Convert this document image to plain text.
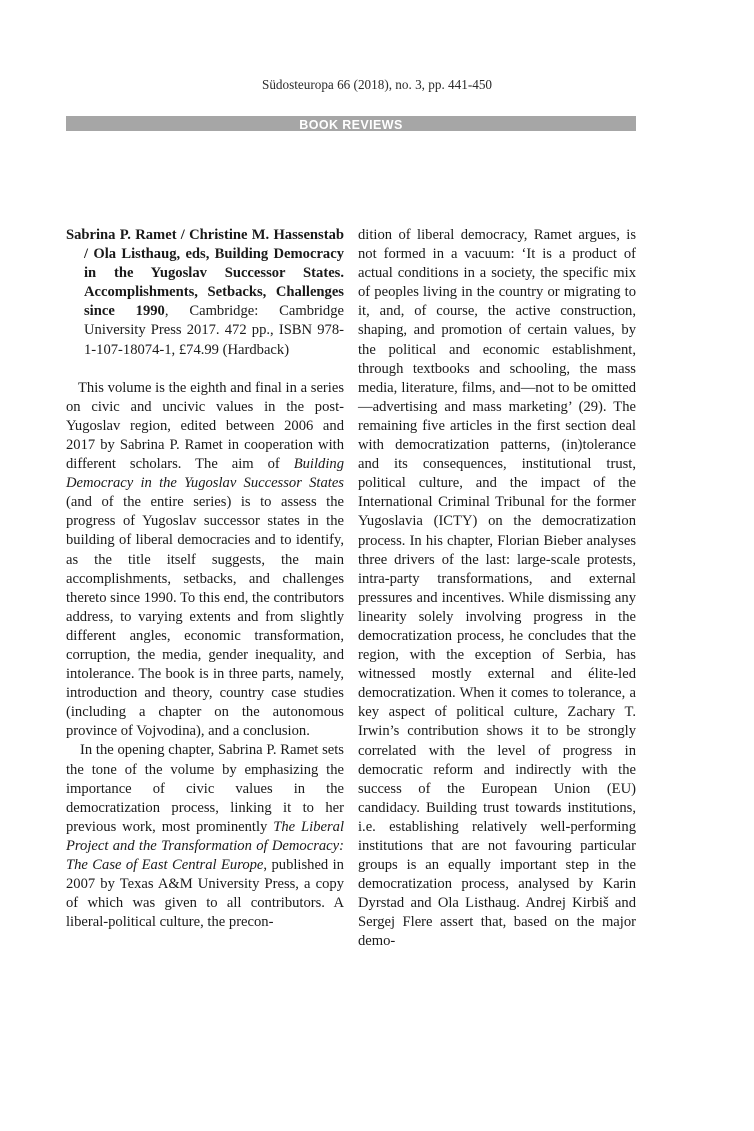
Südosteuropa 66 (2018), no. 3, pp. 441-450
BOOK REVIEWS

Sabrina P. Ramet / Christine M. Hassenstab / Ola Listhaug, eds, Building Democracy in the Yugoslav Successor States. Accomplishments, Setbacks, Challenges since 1990, Cambridge: Cambridge University Press 2017. 472 pp., ISBN 978-1-107-18074-1, £74.99 (Hardback)

This volume is the eighth and final in a series on civic and uncivic values in the post-Yugoslav region, edited between 2006 and 2017 by Sabrina P. Ramet in cooperation with different scholars. The aim of Building Democracy in the Yugoslav Successor States (and of the entire series) is to assess the progress of Yugoslav successor states in the building of liberal democracies and to identify, as the title itself suggests, the main accomplishments, setbacks, and challenges thereto since 1990. To this end, the contributors address, to varying extents and from slightly different angles, economic transformation, corruption, the media, gender inequality, and intolerance. The book is in three parts, namely, introduction and theory, country case studies (including a chapter on the autonomous province of Vojvodina), and a conclusion.

In the opening chapter, Sabrina P. Ramet sets the tone of the volume by emphasizing the importance of civic values in the democratization process, linking it to her previous work, most prominently The Liberal Project and the Transformation of Democracy: The Case of East Central Europe, published in 2007 by Texas A&M University Press, a copy of which was given to all contributors. A liberal-political culture, the precon-

dition of liberal democracy, Ramet argues, is not formed in a vacuum: ‘It is a product of actual conditions in a society, the specific mix of peoples living in the country or migrating to it, and, of course, the active construction, shaping, and promotion of certain values, by the political and economic establishment, through textbooks and schooling, the mass media, literature, films, and—not to be omitted—advertising and mass marketing’ (29). The remaining five articles in the first section deal with democratization patterns, (in)tolerance and its consequences, institutional trust, political culture, and the impact of the International Criminal Tribunal for the former Yugoslavia (ICTY) on the democratization process. In his chapter, Florian Bieber analyses three drivers of the last: large-scale protests, intra-party transformations, and external pressures and incentives. While dismissing any linearity solely involving progress in the democratization process, he concludes that the region, with the exception of Serbia, has witnessed mostly external and élite-led democratization. When it comes to tolerance, a key aspect of political culture, Zachary T. Irwin’s contribution shows it to be strongly correlated with the level of progress in democratic reform and indirectly with the success of the European Union (EU) candidacy. Building trust towards institutions, i.e. establishing relatively well-performing institutions that are not favouring particular groups is an equally important step in the democratization process, analysed by Karin Dyrstad and Ola Listhaug. Andrej Kirbiš and Sergej Flere assert that, based on the major demo-
